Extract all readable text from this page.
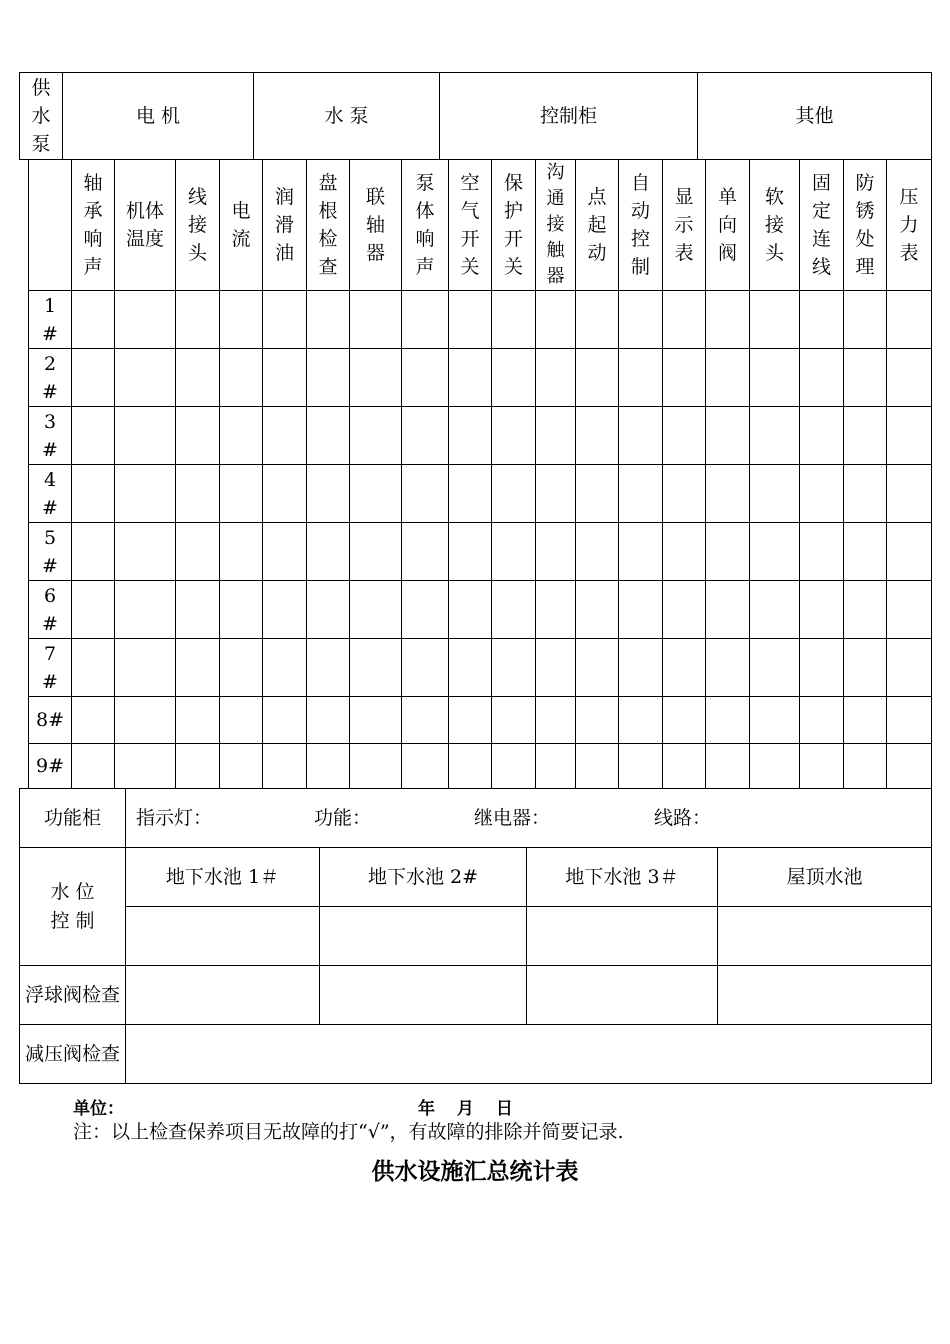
供水泵	电 机	水 泵	控制柜	其他
	轴承响声	机体温度	线接头	电流	润滑油	盘根检查	联轴器	泵体响声	空气开关	保护开关	沟通接触器	点起动	自动控制	显示表	单向阀	软接头	固定连线	防锈处理	压力表
1#																			
2#																			
3#																			
4#																			
5#																			
6#																			
7#																			
8#																			
9#																			
功能柜	指示灯： 功能： 继电器： 线路：			
水 位 控 制	地下水池 1＃	地下水池 2#	地下水池 3＃	屋顶水池

浮球阀检查				
减压阀检查				
单位：	年 月 日
注：以上检查保养项目无故障的打“√”，有故障的排除并简要记录.
供水设施汇总统计表
